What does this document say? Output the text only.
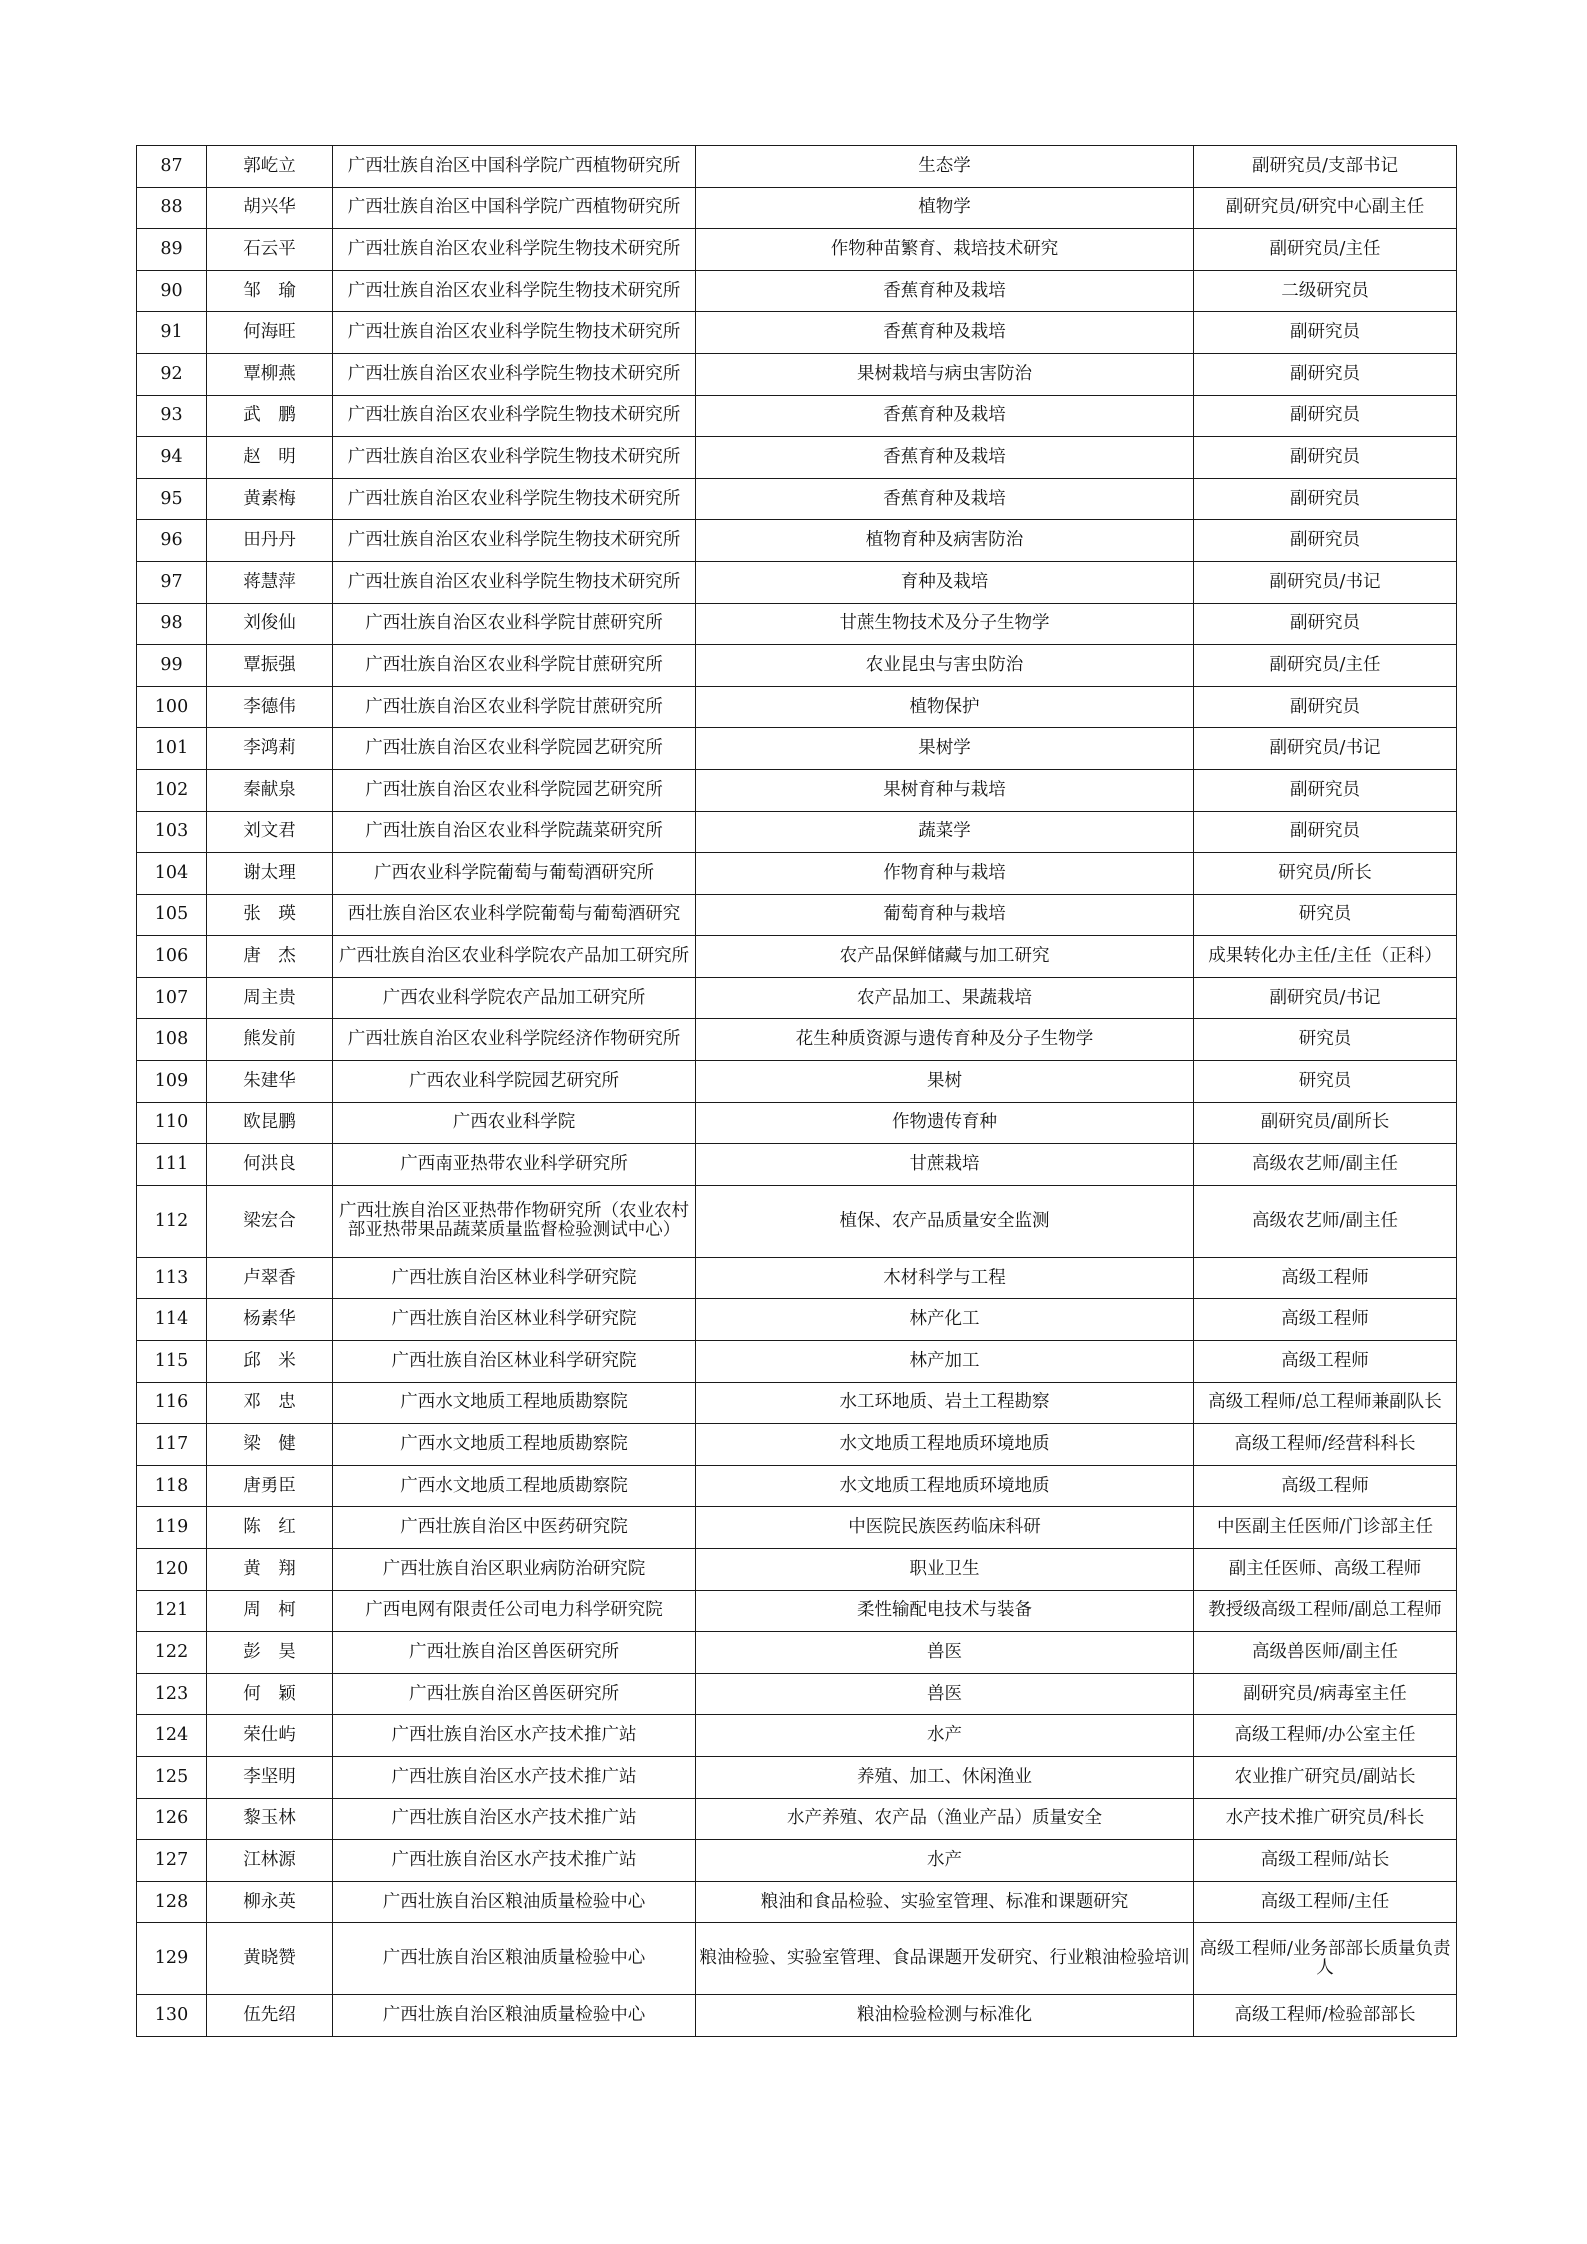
87	郭屹立	广西壮族自治区中国科学院广西植物研究所	生态学	副研究员/支部书记
88	胡兴华	广西壮族自治区中国科学院广西植物研究所	植物学	副研究员/研究中心副主任
89	石云平	广西壮族自治区农业科学院生物技术研究所	作物种苗繁育、栽培技术研究	副研究员/主任
90	邹　瑜	广西壮族自治区农业科学院生物技术研究所	香蕉育种及栽培	二级研究员
91	何海旺	广西壮族自治区农业科学院生物技术研究所	香蕉育种及栽培	副研究员
92	覃柳燕	广西壮族自治区农业科学院生物技术研究所	果树栽培与病虫害防治	副研究员
93	武　鹏	广西壮族自治区农业科学院生物技术研究所	香蕉育种及栽培	副研究员
94	赵　明	广西壮族自治区农业科学院生物技术研究所	香蕉育种及栽培	副研究员
95	黄素梅	广西壮族自治区农业科学院生物技术研究所	香蕉育种及栽培	副研究员
96	田丹丹	广西壮族自治区农业科学院生物技术研究所	植物育种及病害防治	副研究员
97	蒋慧萍	广西壮族自治区农业科学院生物技术研究所	育种及栽培	副研究员/书记
98	刘俊仙	广西壮族自治区农业科学院甘蔗研究所	甘蔗生物技术及分子生物学	副研究员
99	覃振强	广西壮族自治区农业科学院甘蔗研究所	农业昆虫与害虫防治	副研究员/主任
100	李德伟	广西壮族自治区农业科学院甘蔗研究所	植物保护	副研究员
101	李鸿莉	广西壮族自治区农业科学院园艺研究所	果树学	副研究员/书记
102	秦献泉	广西壮族自治区农业科学院园艺研究所	果树育种与栽培	副研究员
103	刘文君	广西壮族自治区农业科学院蔬菜研究所	蔬菜学	副研究员
104	谢太理	广西农业科学院葡萄与葡萄酒研究所	作物育种与栽培	研究员/所长
105	张　瑛	西壮族自治区农业科学院葡萄与葡萄酒研究	葡萄育种与栽培	研究员
106	唐　杰	广西壮族自治区农业科学院农产品加工研究所	农产品保鲜储藏与加工研究	成果转化办主任/主任（正科）
107	周主贵	广西农业科学院农产品加工研究所	农产品加工、果蔬栽培	副研究员/书记
108	熊发前	广西壮族自治区农业科学院经济作物研究所	花生种质资源与遗传育种及分子生物学	研究员
109	朱建华	广西农业科学院园艺研究所	果树	研究员
110	欧昆鹏	广西农业科学院	作物遗传育种	副研究员/副所长
111	何洪良	广西南亚热带农业科学研究所	甘蔗栽培	高级农艺师/副主任
112	梁宏合	广西壮族自治区亚热带作物研究所（农业农村部亚热带果品蔬菜质量监督检验测试中心）	植保、农产品质量安全监测	高级农艺师/副主任
113	卢翠香	广西壮族自治区林业科学研究院	木材科学与工程	高级工程师
114	杨素华	广西壮族自治区林业科学研究院	林产化工	高级工程师
115	邱　米	广西壮族自治区林业科学研究院	林产加工	高级工程师
116	邓　忠	广西水文地质工程地质勘察院	水工环地质、岩土工程勘察	高级工程师/总工程师兼副队长
117	梁　健	广西水文地质工程地质勘察院	水文地质工程地质环境地质	高级工程师/经营科科长
118	唐勇臣	广西水文地质工程地质勘察院	水文地质工程地质环境地质	高级工程师
119	陈　红	广西壮族自治区中医药研究院	中医院民族医药临床科研	中医副主任医师/门诊部主任
120	黄　翔	广西壮族自治区职业病防治研究院	职业卫生	副主任医师、高级工程师
121	周　柯	广西电网有限责任公司电力科学研究院	柔性输配电技术与装备	教授级高级工程师/副总工程师
122	彭　昊	广西壮族自治区兽医研究所	兽医	高级兽医师/副主任
123	何　颖	广西壮族自治区兽医研究所	兽医	副研究员/病毒室主任
124	荣仕屿	广西壮族自治区水产技术推广站	水产	高级工程师/办公室主任
125	李坚明	广西壮族自治区水产技术推广站	养殖、加工、休闲渔业	农业推广研究员/副站长
126	黎玉林	广西壮族自治区水产技术推广站	水产养殖、农产品（渔业产品）质量安全	水产技术推广研究员/科长
127	江林源	广西壮族自治区水产技术推广站	水产	高级工程师/站长
128	柳永英	广西壮族自治区粮油质量检验中心	粮油和食品检验、实验室管理、标准和课题研究	高级工程师/主任
129	黄晓赞	广西壮族自治区粮油质量检验中心	粮油检验、实验室管理、食品课题开发研究、行业粮油检验培训	高级工程师/业务部部长质量负责人
130	伍先绍	广西壮族自治区粮油质量检验中心	粮油检验检测与标准化	高级工程师/检验部部长
